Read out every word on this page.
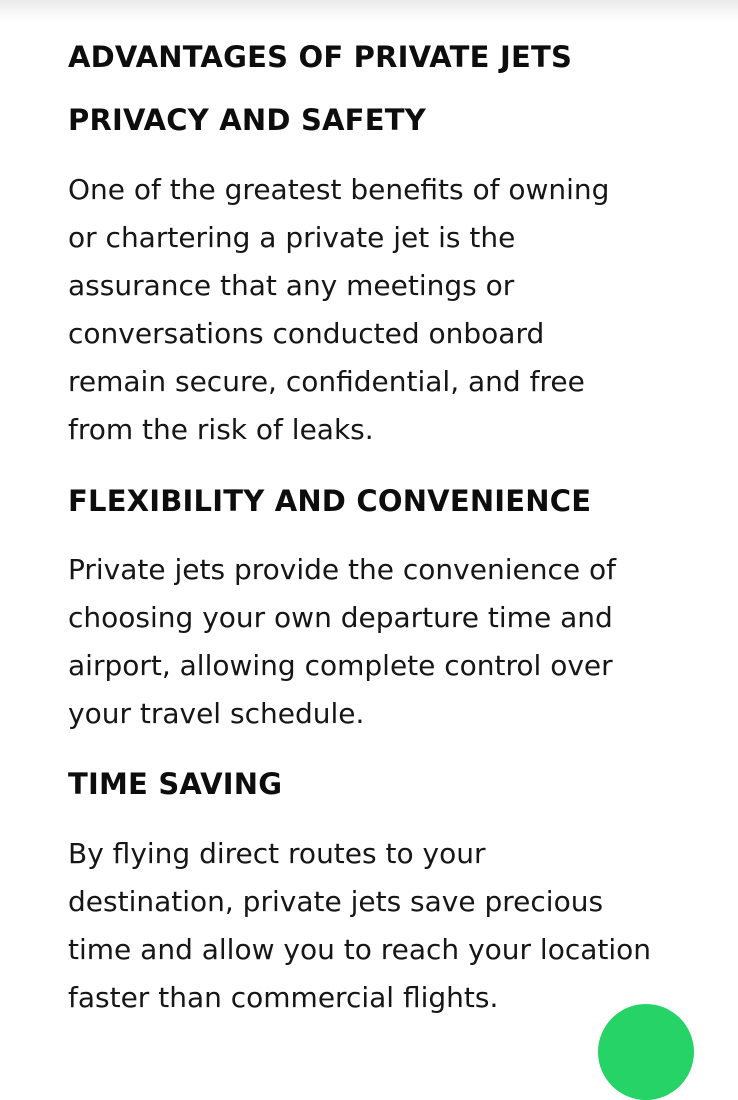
ADVANTAGES OF PRIVATE JETS
PRIVACY AND SAFETY
One of the greatest benefits of owning
or chartering a private jet is the
assurance that any meetings or
conversations conducted onboard
remain secure, confidential, and free
from the risk of leaks.
FLEXIBILITY AND CONVENIENCE
Private jets provide the convenience of
choosing your own departure time and
airport, allowing complete control over
your travel schedule.
TIME SAVING
By flying direct routes to your
destination, private jets save precious
time and allow you to reach your location
faster than commercial flights.
